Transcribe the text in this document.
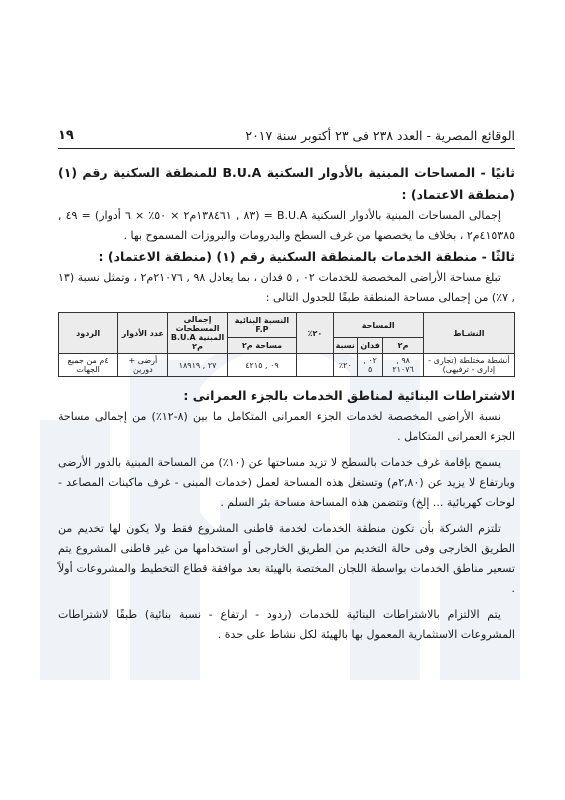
الوقائع المصرية - العدد ٢٣٨ فى ٢٣ أكتوبر سنة ٢٠١٧
١٩
ثانيًا - المساحات المبنية بالأدوار السكنية B.U.A للمنطقة السكنية رقم (١) (منطقة الاعتماد) :

إجمالى المساحات المبنية بالأدوار السكنية B.U.A = (٨٣ , ١٣٨٤٦١م٢ × ٥٠٪ × ٦ أدوار) = ٤٩ , ٤١٥٣٨٥م٢ ، بخلاف ما يخصصها من غرف السطح والبدرومات والبروزات المسموح بها .

ثالثًا - منطقة الخدمات بالمنطقة السكنية رقم (١) (منطقة الاعتماد) :

تبلغ مساحة الأراضى المخصصة للخدمات ٠٢ , ٥ فدان ، بما يعادل ٩٨ , ٢١٠٧٦م٢ ، وتمثل نسبة (١٣ , ٧٪) من إجمالى مساحة المنطقة طبقًا للجدول التالى :

النشـاط	المساحة			٢٠٪	النسبة البنائية F.P	إجمالى المسطحات المبنية B.U.A م٢	عدد الأدوار	الردود
	م٢	فدان	نسبة		مساحة م٢			
أنشطة مختلطة (تجارى - إدارى - ترفيهى)	٩٨ , ٢١٠٧٦	٠٢ , ٥	٢٠٪		٠٩ , ٤٢١٥	٢٧ , ١٨٩١٩	أرضى + دورين	٤م من جميع الجهات
الاشتراطات البنائية لمناطق الخدمات بالجزء العمرانى :

نسبة الأراضى المخصصة لخدمات الجزء العمرانى المتكامل ما بين (٨-١٢٪) من إجمالى مساحة الجزء العمرانى المتكامل .

يسمح بإقامة غرف خدمات بالسطح لا تزيد مساحتها عن (١٠٪) من المساحة المبنية بالدور الأرضى وبارتفاع لا يزيد عن (٢,٨٠م) وتستغل هذه المساحة لعمل (خدمات المبنى - غرف ماكينات المصاعد - لوحات كهربائية ... إلخ) وتتضمن هذه المساحة مساحة بئر السلم .

تلتزم الشركة بأن تكون منطقة الخدمات لخدمة قاطنى المشروع فقط ولا يكون لها تخديم من الطريق الخارجى وفى حالة التخديم من الطريق الخارجى أو استخدامها من غير قاطنى المشروع يتم تسعير مناطق الخدمات بواسطة اللجان المختصة بالهيئة بعد موافقة قطاع التخطيط والمشروعات أولاً .

يتم الالتزام بالاشتراطات البنائية للخدمات (ردود - ارتفاع - نسبة بنائية) طبقًا لاشتراطات المشروعات الاستثمارية المعمول بها بالهيئة لكل نشاط على حدة .
